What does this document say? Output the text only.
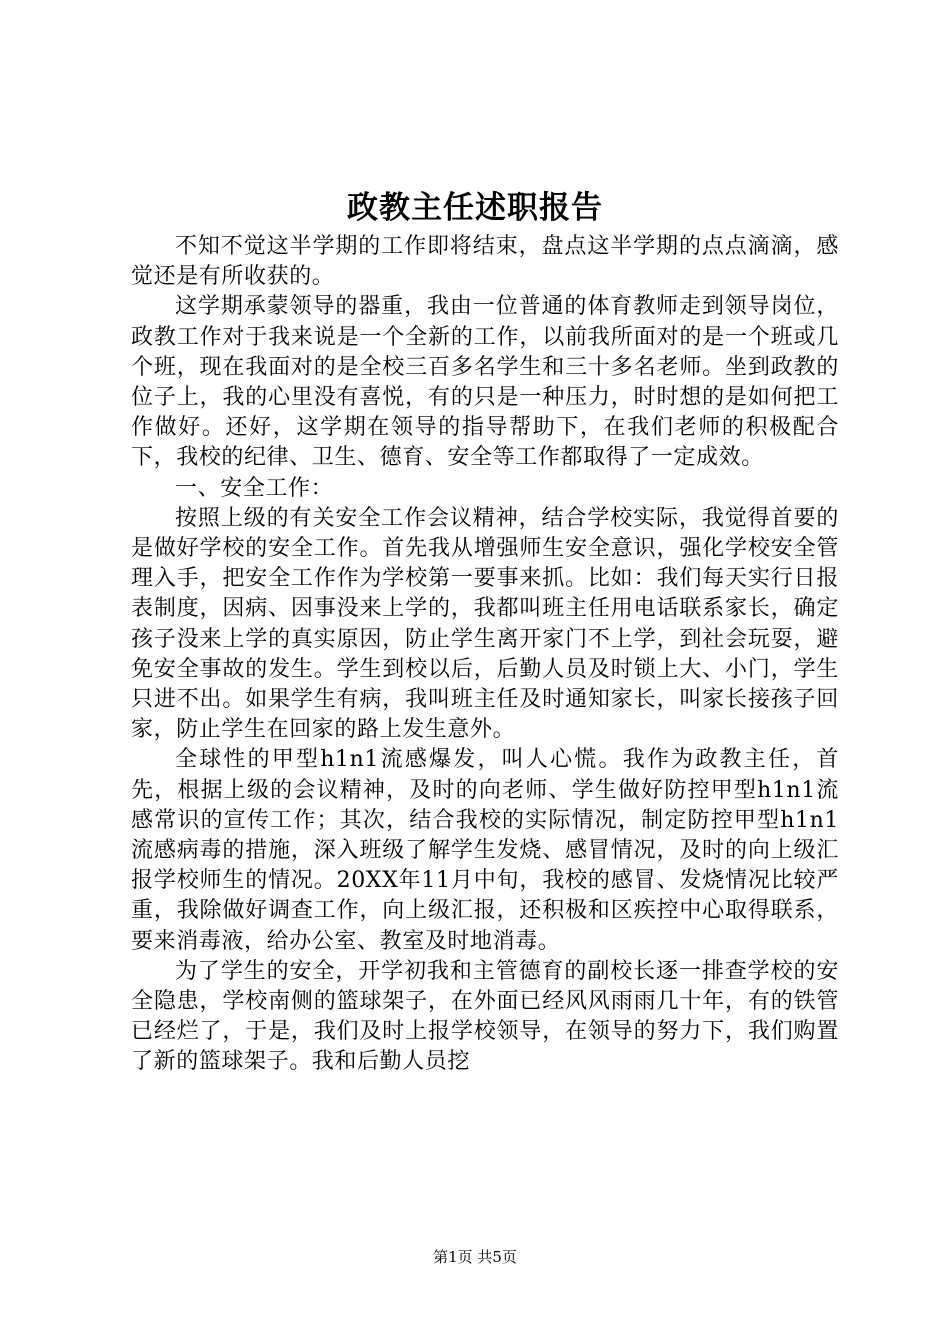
政教主任述职报告

不知不觉这半学期的工作即将结束，盘点这半学期的点点滴滴，感觉还是有所收获的。

这学期承蒙领导的器重，我由一位普通的体育教师走到领导岗位，政教工作对于我来说是一个全新的工作，以前我所面对的是一个班或几个班，现在我面对的是全校三百多名学生和三十多名老师。坐到政教的位子上，我的心里没有喜悦，有的只是一种压力，时时想的是如何把工作做好。还好，这学期在领导的指导帮助下，在我们老师的积极配合下，我校的纪律、卫生、德育、安全等工作都取得了一定成效。

一、安全工作：

按照上级的有关安全工作会议精神，结合学校实际，我觉得首要的是做好学校的安全工作。首先我从增强师生安全意识，强化学校安全管理入手，把安全工作作为学校第一要事来抓。比如：我们每天实行日报表制度，因病、因事没来上学的，我都叫班主任用电话联系家长，确定孩子没来上学的真实原因，防止学生离开家门不上学，到社会玩耍，避免安全事故的发生。学生到校以后，后勤人员及时锁上大、小门，学生只进不出。如果学生有病，我叫班主任及时通知家长，叫家长接孩子回家，防止学生在回家的路上发生意外。

全球性的甲型h1n1流感爆发，叫人心慌。我作为政教主任，首先，根据上级的会议精神，及时的向老师、学生做好防控甲型h1n1流感常识的宣传工作；其次，结合我校的实际情况，制定防控甲型h1n1流感病毒的措施，深入班级了解学生发烧、感冒情况，及时的向上级汇报学校师生的情况。20XX年11月中旬，我校的感冒、发烧情况比较严重，我除做好调查工作，向上级汇报，还积极和区疾控中心取得联系，要来消毒液，给办公室、教室及时地消毒。

为了学生的安全，开学初我和主管德育的副校长逐一排查学校的安全隐患，学校南侧的篮球架子，在外面已经风风雨雨几十年，有的铁管已经烂了，于是，我们及时上报学校领导，在领导的努力下，我们购置了新的篮球架子。我和后勤人员挖

第1页 共5页
